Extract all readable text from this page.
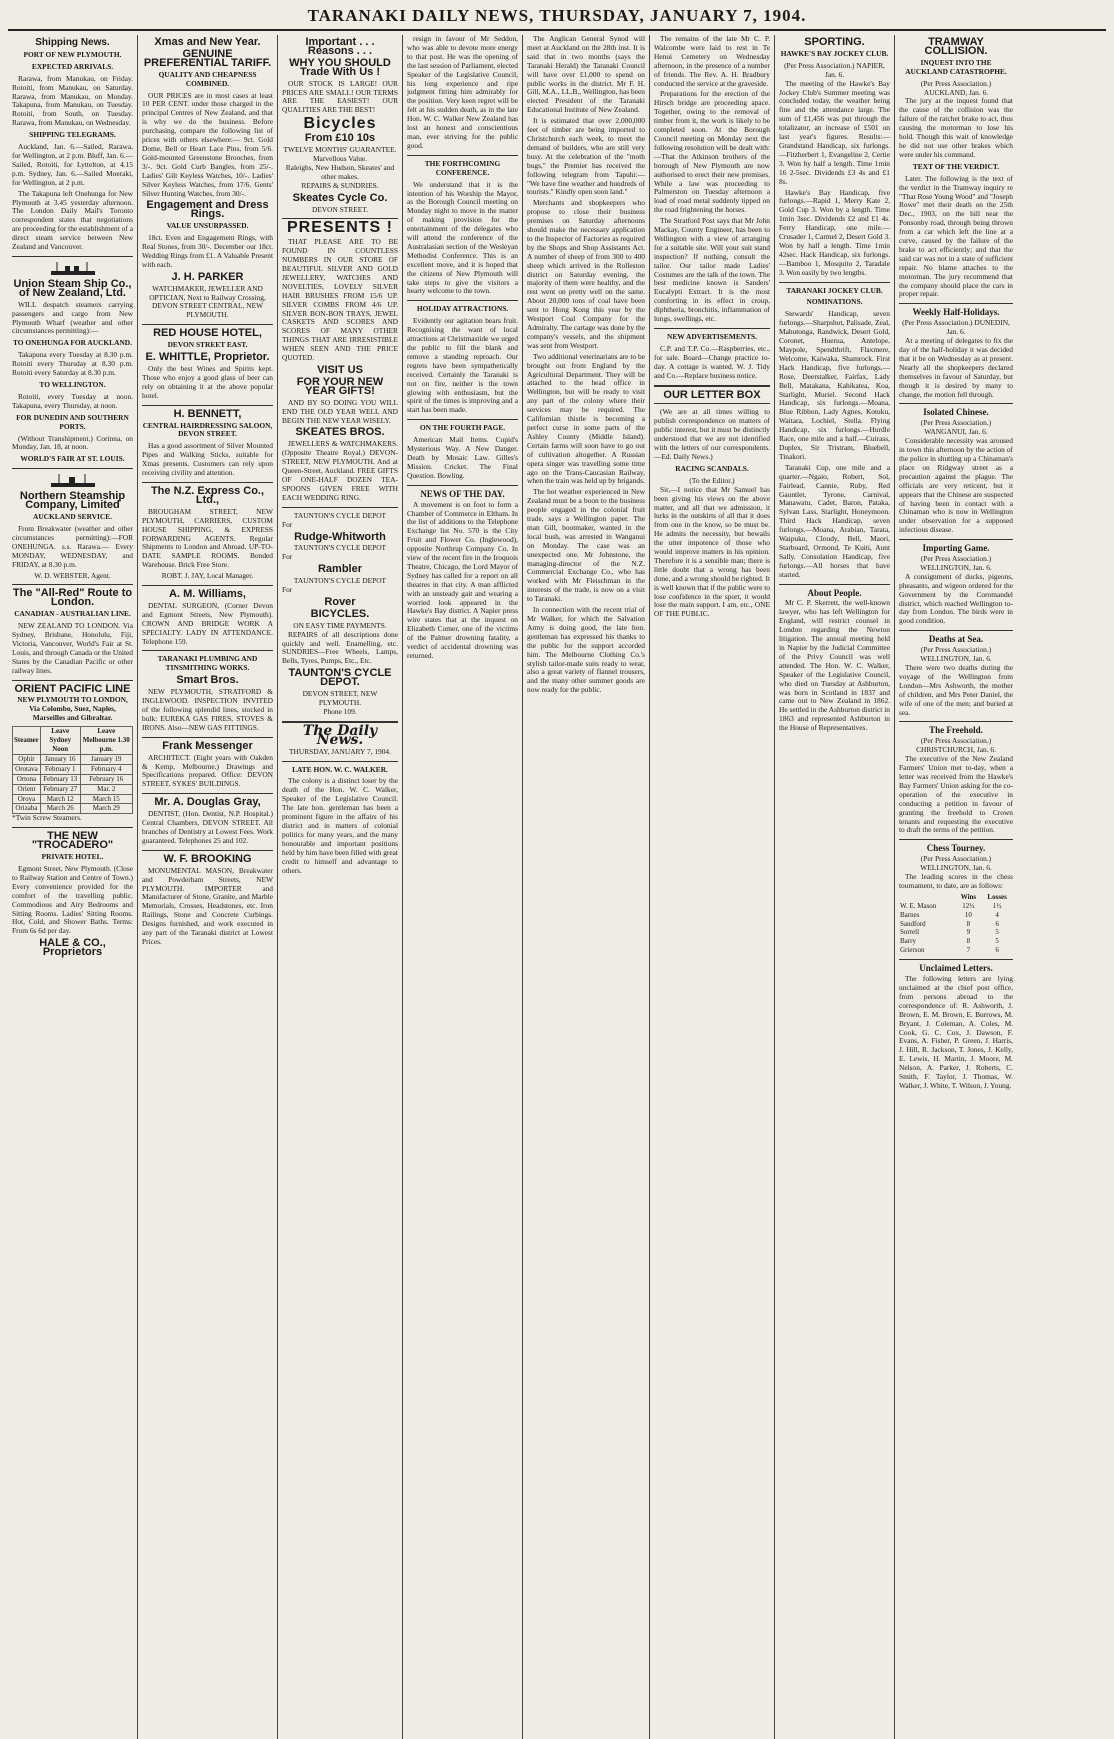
TARANAKI DAILY NEWS, THURSDAY, JANUARY 7, 1904.
Shipping News.
PORT OF NEW PLYMOUTH.
EXPECTED ARRIVALS.

Rarawa, from Manukau, on Friday. Rotoiti, from Manukau, on Saturday. Rarawa, from Manukau, on Monday. Takapuna, from Manukau, on Tuesday. Rotoiti, from South, on Tuesday. Rarawa, from Manukau, on Wednesday.

SHIPPING TELEGRAMS.

Auckland, Jan. 6.—Sailed, Rarawa, for Wellington, at 2 p.m. Bluff, Jan. 6.—Sailed, Rotoiti, for Lyttelton, at 4.15 p.m. Sydney, Jan. 6.—Sailed Moeraki, for Wellington, at 2 p.m.

The Takapuna left Onehunga for New Plymouth at 3.45 yesterday afternoon. The London Daily Mail's Toronto correspondent states that negotiations are proceeding for the establishment of a direct steam service between New Zealand and Vancouver.

Union Steam Ship Co., of New Zealand, Ltd.

WILL despatch steamers carrying passengers and cargo from New Plymouth Wharf (weather and other circumstances permitting):—

TO ONEHUNGA FOR AUCKLAND.

Takapuna every Tuesday at 8.30 p.m. Rotoiti every Thursday at 8.30 p.m. Rotoiti every Saturday at 8.30 p.m.

TO WELLINGTON.

Rotoiti, every Tuesday at noon. Takapuna, every Thursday, at noon.

FOR DUNEDIN AND SOUTHERN PORTS.

(Without Transhipment.) Corinna, on Monday, Jan. 18, at noon.

WORLD'S FAIR AT ST. LOUIS.
Northern Steamship Company, Limited
AUCKLAND SERVICE.

From Breakwater (weather and other circumstances permitting):—FOR ONEHUNGA. s.s. Rarawa.— Every MONDAY, WEDNESDAY, and FRIDAY, at 8.30 p.m.

W. D. WEBSTER, Agent.
The "All-Red" Route to London.
CANADIAN - AUSTRALIAN LINE.

NEW ZEALAND TO LONDON. Via Sydney, Brisbane, Honolulu, Fiji, Victoria, Vancouver, World's Fair at St. Louis, and through Canada or the United States by the Canadian Pacific or other railway lines.

ORIENT PACIFIC LINE
NEW PLYMOUTH TO LONDON, Via Colombo, Suez, Naples, Marseilles and Gibraltar.
Steamer	Leave Sydney Noon	Leave Melbourne 1.30 p.m.
Ophir	January 16	January 19
Orotava	February 1	February 4
Ortona	February 13	February 16
Orient	February 27	Mar. 2
Oroya	March 12	March 15
Orizaba	March 26	March 29
*Twin Screw Steamers.
THE NEW "TROCADERO"
PRIVATE HOTEL.

Egmont Street, New Plymouth. (Close to Railway Station and Centre of Town.) Every convenience provided for the comfort of the travelling public. Commodious and Airy Bedrooms and Sitting Rooms. Ladies' Sitting Rooms. Hot, Cold, and Shower Baths. Terms: From 6s 6d per day.

HALE & CO., Proprietors
Xmas and New Year.
GENUINE PREFERENTIAL TARIFF.
QUALITY AND CHEAPNESS COMBINED.

OUR PRICES are in most cases at least 10 PER CENT. under those charged in the principal Centres of New Zealand, and that is why we do the business. Before purchasing, compare the following list of prices with others elsewhere:— 9ct. Gold Dome, Bell or Heart Lace Pins, from 5/6. Gold-mounted Greenstone Brooches, from 3/-. 9ct. Gold Curb Bangles, from 25/-. Ladies' Gilt Keyless Watches, 10/-. Ladies' Silver Keyless Watches, from 17/6. Gents' Silver Hunting Watches, from 30/-.

Engagement and Dress Rings.
VALUE UNSURPASSED.

18ct. Even and Engagement Rings, with Real Stones, from 30/-. December our 18ct. Wedding Rings from £1. A Valuable Present with each.

J. H. PARKER
WATCHMAKER, JEWELLER AND OPTICIAN, Next to Railway Crossing, DEVON STREET CENTRAL, NEW PLYMOUTH.
RED HOUSE HOTEL,
DEVON STREET EAST.
E. WHITTLE, Proprietor.

Only the best Wines and Spirits kept. Those who enjoy a good glass of beer can rely on obtaining it at the above popular hotel.

H. BENNETT,
CENTRAL HAIRDRESSING SALOON, DEVON STREET.

Has a good assortment of Silver Mounted Pipes and Walking Sticks, suitable for Xmas presents. Customers can rely upon receiving civility and attention.

The N.Z. Express Co., Ltd.,

BROUGHAM STREET, NEW PLYMOUTH, CARRIERS, CUSTOM HOUSE SHIPPING, & EXPRESS FORWARDING AGENTS. Regular Shipments to London and Abroad. UP-TO-DATE SAMPLE ROOMS. Bonded Warehouse. Brick Free Store.

ROBT. J. JAY, Local Manager.
A. M. Williams,

DENTAL SURGEON, (Corner Devon and Egmont Streets, New Plymouth). CROWN AND BRIDGE WORK A SPECIALTY. LADY IN ATTENDANCE. Telephone 159.

TARANAKI PLUMBING AND TINSMITHING WORKS.
Smart Bros.

NEW PLYMOUTH, STRATFORD & INGLEWOOD. INSPECTION INVITED of the following splendid lines, stocked in bulk: EUREKA GAS FIRES, STOVES & IRONS. Also—NEW GAS FITTINGS.

Frank Messenger

ARCHITECT. (Eight years with Oakden & Kemp, Melbourne.) Drawings and Specifications prepared. Office: DEVON STREET, SYKES' BUILDINGS.

Mr. A. Douglas Gray,

DENTIST, (Hon. Dentist, N.P. Hospital.) Central Chambers, DEVON STREET. All branches of Dentistry at Lowest Fees. Work guaranteed. Telephones 25 and 102.

W. F. BROOKING

MONUMENTAL MASON, Breakwater and Powderham Streets, NEW PLYMOUTH. IMPORTER and Manufacturer of Stone, Granite, and Marble Memorials, Crosses, Headstones, etc. Iron Railings, Stone and Concrete Curbings. Designs furnished, and work executed in any part of the Taranaki district at Lowest Prices.

Important . . . Reasons . . .
WHY YOU SHOULD Trade With Us !

OUR STOCK IS LARGE! OUR PRICES ARE SMALL! OUR TERMS ARE THE EASIEST! OUR QUALITIES ARE THE BEST!

Bicycles
From £10 10s
TWELVE MONTHS' GUARANTEE.
Marvellous Value.
Raleighs, New Hudson, Skeates' and other makes.
REPAIRS & SUNDRIES.
Skeates Cycle Co.
DEVON STREET.
PRESENTS !

THAT PLEASE ARE TO BE FOUND IN COUNTLESS NUMBERS IN OUR STORE OF BEAUTIFUL SILVER AND GOLD JEWELLERY, WATCHES AND NOVELTIES, LOVELY SILVER HAIR BRUSHES FROM 15/6 UP. SILVER COMBS FROM 4/6 UP. SILVER BON-BON TRAYS, JEWEL CASKETS AND SCORES AND SCORES OF MANY OTHER THINGS THAT ARE IRRESISTIBLE WHEN SEEN AND THE PRICE QUOTED.

VISIT US
FOR YOUR NEW YEAR GIFTS!

AND BY SO DOING YOU WILL END THE OLD YEAR WELL AND BEGIN THE NEW YEAR WISELY.

SKEATES BROS.

JEWELLERS & WATCHMAKERS. (Opposite Theatre Royal.) DEVON-STREET, NEW PLYMOUTH. And at Queen-Street, Auckland. FREE GIFTS OF ONE-HALF DOZEN TEA-SPOONS GIVEN FREE WITH EACH WEDDING RING.

TAUNTON'S CYCLE DEPOT
For
Rudge-Whitworth
TAUNTON'S CYCLE DEPOT
For
Rambler
TAUNTON'S CYCLE DEPOT
For
Rover
BICYCLES.
ON EASY TIME PAYMENTS.

REPAIRS of all descriptions done quickly and well. Enamelling, etc. SUNDRIES—Free Wheels, Lamps, Bells, Tyres, Pumps, Etc., Etc.

TAUNTON'S CYCLE DEPOT.
DEVON STREET, NEW PLYMOUTH.
Phone 109.
The Daily News.
THURSDAY, JANUARY 7, 1904.
LATE HON. W. C. WALKER.

The colony is a distinct loser by the death of the Hon. W. C. Walker, Speaker of the Legislative Council. The late hon. gentleman has been a prominent figure in the affairs of his district and in matters of colonial politics for many years, and the many honourable and important positions held by him have been filled with great credit to himself and advantage to others.

resign in favour of Mr Seddon, who was able to devote more energy to that post. He was the opening of the last session of Parliament, elected Speaker of the Legislative Council, his long experience and ripe judgment fitting him admirably for the position. Very keen regret will be felt at his sudden death, as in the late Hon. W. C. Walker New Zealand has lost an honest and conscientious man, ever striving for the public good.

THE FORTHCOMING CONFERENCE.

We understand that it is the intention of his Worship the Mayor, as the Borough Council meeting on Monday night to move in the matter of making provision for the entertainment of the delegates who will attend the conference of the Australasian section of the Wesleyan Methodist Conference. This is an excellent move, and it is hoped that the citizens of New Plymouth will take steps to give the visitors a hearty welcome to the town.

HOLIDAY ATTRACTIONS.

Evidently our agitation bears fruit. Recognising the want of local attractions at Christmastide we urged the public to fill the blank and remove a standing reproach. Our regrets have been sympathetically received. Certainly the Taranaki is not on fire, neither is the town glowing with enthusiasm, but the spirit of the times is improving and a start has been made.

ON THE FOURTH PAGE.

American Mail Items. Cupid's Mysterious Way. A New Danger. Death by Mosaic Law. Gilles's Mission. Cricket. The Final Question. Bowling.

NEWS OF THE DAY.

A movement is on foot to form a Chamber of Commerce in Eltham. In the list of additions to the Telephone Exchange list No. 570 is the City Fruit and Flower Co. (Inglewood), opposite Northrup Company Co. In view of the recent fire in the Iroquois Theatre, Chicago, the Lord Mayor of Sydney has called for a report on all theatres in that city. A man afflicted with an unsteady gait and wearing a worried look appeared in the Hawke's Bay district. A Napier press wire states that at the inquest on Elizabeth Comer, one of the victims of the Palmer drowning fatality, a verdict of accidental drowning was returned.

The Anglican General Synod will meet at Auckland on the 28th inst. It is said that in two months (says the Taranaki Herald) the Taranaki Council will have over £1,000 to spend on public works in the district. Mr F. H. Gill, M.A., LL.B., Wellington, has been elected President of the Taranaki Educational Institute of New Zealand.

It is estimated that over 2,000,000 feet of timber are being imported to Christchurch each week, to meet the demand of builders, who are still very busy. At the celebration of the "moth bugs," the Premier has received the following telegram from Tapuhi:— "We have fine weather and hundreds of tourists." Kindly open soon land."

Merchants and shopkeepers who propose to close their business premises on Saturday afternoons should make the necessary application to the Inspector of Factories as required by the Shops and Shop Assistants Act. A number of sheep of from 300 to 400 sheep which arrived in the Rolleston district on Saturday evening, the majority of them were healthy, and the rest went on pretty well on the same. About 20,000 tons of coal have been sent to Hong Kong this year by the Westport Coal Company for the Admiralty. The cartage was done by the company's vessels, and the shipment was sent from Westport.

Two additional veterinarians are to be brought out from England by the Agricultural Department. They will be attached to the head office in Wellington, but will be ready to visit any part of the colony where their services may be required. The Californian thistle is becoming a perfect curse in some parts of the Ashley County (Middle Island). Certain farms will soon have to go out of cultivation altogether. A Russian opera singer was travelling some time ago on the Trans-Caucasian Railway, when the train was held up by brigands.

The hot weather experienced in New Zealand must be a boon to the business people engaged in the colonial fruit trade, says a Wellington paper. The man Gill, bootmaker, wanted in the local bush, was arrested in Wanganui on Monday. The case was an unexpected one. Mr Johnstone, the managing-director of the N.Z. Commercial Exchange Co., who has worked with Mr Fleischman in the interests of the trade, is now on a visit to Taranaki.

In connection with the recent trial of Mr Walker, for which the Salvation Army is doing good, the late hon. gentleman has expressed his thanks to the public for the support accorded him. The Melbourne Clothing Co.'s stylish tailor-made suits ready to wear, also a great variety of flannel trousers, and the many other summer goods are now ready for the public.

The remains of the late Mr C. P. Walcombe were laid to rest in Te Henui Cemetery on Wednesday afternoon, in the presence of a number of friends. The Rev. A. H. Bradbury conducted the service at the graveside.

Preparations for the erection of the Hirsch bridge are proceeding apace. Together, owing to the removal of timber from it, the work is likely to be completed soon. At the Borough Council meeting on Monday next the following resolution will be dealt with:—That the Atkinson brothers of the borough of New Plymouth are now authorised to erect their new premises. While a law was proceeding to Palmerston on Tuesday afternoon a load of road metal suddenly tipped on the road frightening the horses.

The Stratford Post says that Mr John Mackay, County Engineer, has been to Wellington with a view of arranging for a suitable site. Will your suit stand inspection? If nothing, consult the tailor. Our tailor made Ladies' Costumes are the talk of the town. The best medicine known is Sanders' Eucalypti Extract. It is the most comforting in its effect in croup, diphtheria, bronchitis, inflammation of lungs, swellings, etc.

NEW ADVERTISEMENTS.

C.P. and T.P. Co.—Raspberries, etc., for sale. Board—Change practice to-day. A cottage is wanted. W. J. Tidy and Co.—Replace business notice.

OUR LETTER BOX

(We are at all times willing to publish correspondence on matters of public interest, but it must be distinctly understood that we are not identified with the letters of our correspondents.—Ed. Daily News.)

RACING SCANDALS.
(To the Editor.)

Sir,—I notice that Mr Samuel has been giving his views on the above matter, and all that we admission, it lurks in the outskirts of all that it does from one in the know, so be must be. He admits the necessity, but bewails the utter impotence of those who would improve matters in his opinion. Therefore it is a sensible man; there is little doubt that a wrong has been done, and a wrong should be righted. It is well known that if the public were to lose confidence in the sport, it would lose the main support. I am, etc., ONE OF THE PUBLIC.

SPORTING.
HAWKE'S BAY JOCKEY CLUB.
(Per Press Association.) NAPIER, Jan. 6.

The meeting of the Hawke's Bay Jockey Club's Summer meeting was concluded today, the weather being fine and the attendance large. The sum of £1,456 was put through the totalizator, an increase of £501 on last year's figures. Results:— Grandstand Handicap, six furlongs.—Fitzherbert 1, Evangeline 2, Certie 3. Won by half a length. Time 1min 16 2-5sec. Dividends £3 4s and £1 8s.

Hawke's Bay Handicap, five furlongs.—Rapid 1, Merry Kate 2, Gold Cup 3. Won by a length. Time 1min 3sec. Dividends £2 and £1 4s. Ferry Handicap, one mile.—Crusader 1, Carmel 2, Desert Gold 3. Won by half a length. Time 1min 42sec. Hack Handicap, six furlongs.—Bamboo 1, Mosquito 2, Taradale 3. Won easily by two lengths.

TARANAKI JOCKEY CLUB.
NOMINATIONS.

Stewards' Handicap, seven furlongs.—Sharpshot, Palisade, Zeal, Mahutonga, Randwick, Desert Gold, Coronet, Huerua, Antelope, Maypole, Spendthrift, Flaxmere, Welcome, Kaiwaka, Shamrock. First Hack Handicap, five furlongs.—Rose, Deerstalker, Fairfax, Lady Bell, Matakana, Kahikatea, Koa, Starlight, Muriel. Second Hack Handicap, six furlongs.—Moana, Blue Ribbon, Lady Agnes, Kotuku, Waitara, Lochiel, Stella. Flying Handicap, six furlongs.—Hurdle Race, one mile and a half.—Cuirass, Duplex, Sir Tristram, Bluebell, Tinakori.

Taranaki Cup, one mile and a quarter.—Ngaio, Robert, Sol, Fairlead, Cannie, Ruby, Red Gauntlet, Tyrone, Carnival, Manawatu, Cadet, Baron, Pataka, Sylvan Lass, Starlight, Honeymoon. Third Hack Handicap, seven furlongs.—Moana, Arabian, Tarata, Waipuku, Cloudy, Bell, Maori, Starboard, Ormond, Te Kuiti, Aunt Sally. Consolation Handicap, five furlongs.—All horses that have started.

About People.

Mr C. P. Skerrett, the well-known lawyer, who has left Wellington for England, will restrict counsel in London regarding the Newton litigation. The annual meeting held in Napier by the Judicial Committee of the Privy Council was well attended. The Hon. W. C. Walker, Speaker of the Legislative Council, who died on Tuesday at Ashburton, was born in Scotland in 1837 and came out to New Zealand in 1862. He settled in the Ashburton district in 1863 and represented Ashburton in the House of Representatives.

TRAMWAY COLLISION.
INQUEST INTO THE AUCKLAND CATASTROPHE.
(Per Press Association.) AUCKLAND, Jan. 6.

The jury at the inquest found that the cause of the collision was the failure of the ratchet brake to act, thus causing the motorman to lose his hold. Though this wait of knowledge he did not use other brakes which were under his command.

TEXT OF THE VERDICT.

Later. The following is the text of the verdict in the Tramway inquiry re "That Rose Young Wood" and "Joseph Rowe" met their death on the 25th Dec., 1903, on the hill near the Ponsonby road, through being thrown from a car which left the line at a curve, caused by the failure of the brake to act efficiently; and that the said car was not in a state of sufficient repair. No blame attaches to the motorman. The jury recommend that the company should place the cars in proper repair.

Weekly Half-Holidays.
(Per Press Association.) DUNEDIN, Jan. 6.

At a meeting of delegates to fix the day of the half-holiday it was decided that it be on Wednesday as at present. Nearly all the shopkeepers declared themselves in favour of Saturday, but though it is desired by many to change, the motion fell through.

Isolated Chinese.
(Per Press Association.) WANGANUI, Jan. 6.

Considerable necessity was aroused in town this afternoon by the action of the police in shutting up a Chinaman's place on Ridgway street as a precaution against the plague. The officials are very reticent, but it appears that the Chinese are suspected of having been in contact with a Chinaman who is now in Wellington under observation for a supposed infectious disease.

Importing Game.
(Per Press Association.) WELLINGTON, Jan. 6.

A consignment of ducks, pigeons, pheasants, and wigeon ordered for the Government by the Coromandel district, which reached Wellington to-day from London. The birds were in good condition.

Deaths at Sea.
(Per Press Association.) WELLINGTON, Jan. 6.

There were two deaths during the voyage of the Wellington from London—Mrs Ashworth, the mother of children, and Mrs Peter Daniel, the wife of one of the men; and buried at sea.

The Freehold.
(Per Press Association.) CHRISTCHURCH, Jan. 6.

The executive of the New Zealand Farmers' Union met to-day, when a letter was received from the Hawke's Bay Farmers' Union asking for the co-operation of the executive in conducting a petition in favour of granting the freehold to Crown tenants and requesting the executive to draft the terms of the petition.

Chess Tourney.
(Per Press Association.) WELLINGTON, Jan. 6.

The leading scores in the chess tournament, to date, are as follows:

	Wins	Losses
W. E. Mason	12½	1½
Barnes	10	4
Sandford	8	6
Sorrell	9	5
Barry	8	5
Grierson	7	6
Unclaimed Letters.

The following letters are lying unclaimed at the chief post office, from persons abroad to the correspondence of: R. Ashworth, J. Brown, E. M. Brown, E. Burrows, M. Bryant, J. Coleman, A. Coles, M. Cook, G. C. Cox, J. Dawson, F. Evans, A. Fisher, P. Green, J. Harris, J. Hill, R. Jackson, T. Jones, J. Kelly, E. Lewis, H. Martin, J. Moore, M. Nelson, A. Parker, J. Roberts, C. Smith, F. Taylor, J. Thomas, W. Walker, J. White, T. Wilson, J. Young.
